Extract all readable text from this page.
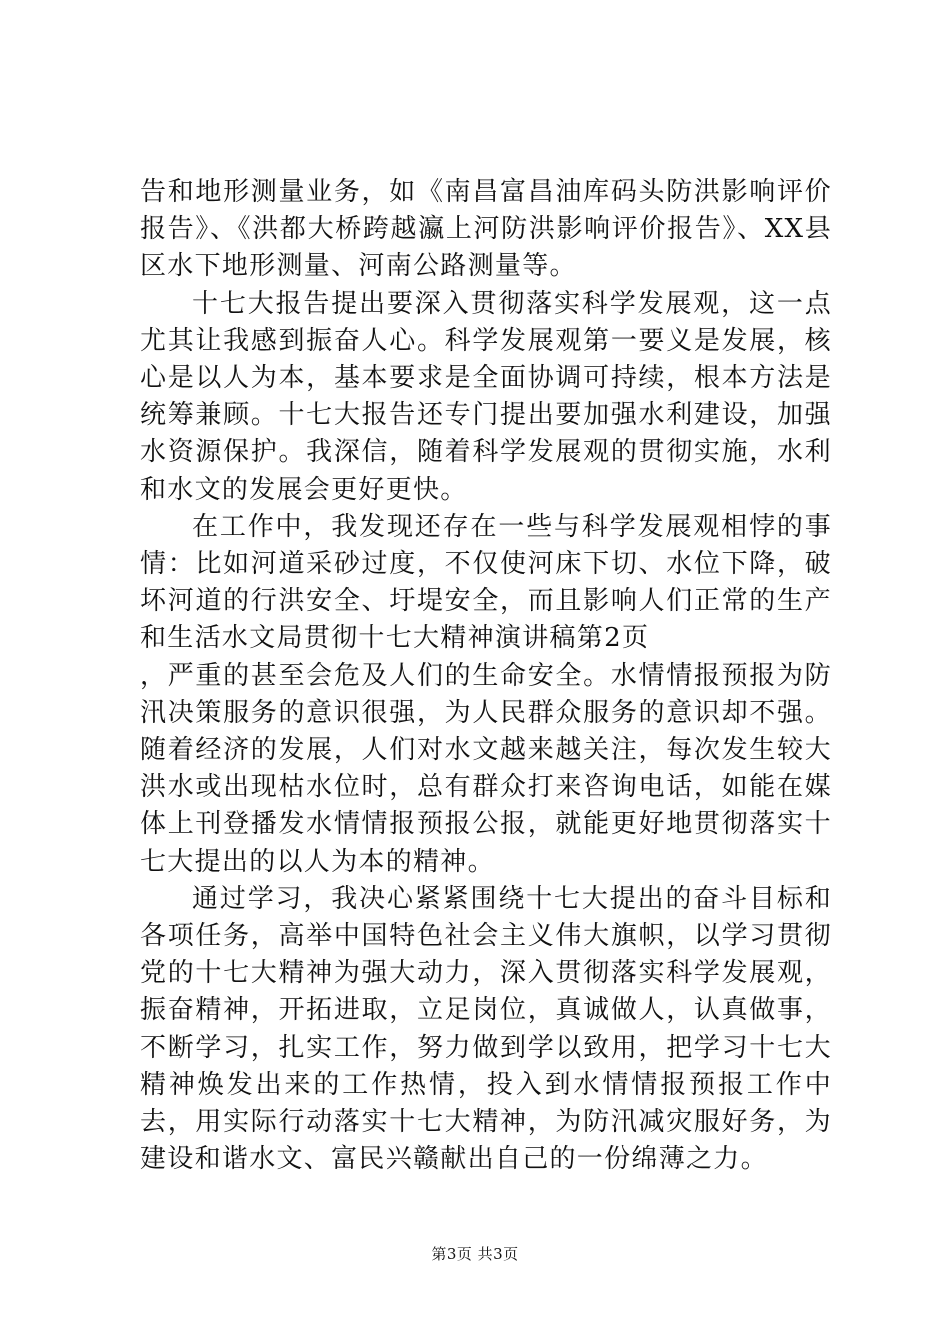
告和地形测量业务，如《南昌富昌油库码头防洪影响评价报告》、《洪都大桥跨越瀛上河防洪影响评价报告》、XX县区水下地形测量、河南公路测量等。

十七大报告提出要深入贯彻落实科学发展观，这一点尤其让我感到振奋人心。科学发展观第一要义是发展，核心是以人为本，基本要求是全面协调可持续，根本方法是统筹兼顾。十七大报告还专门提出要加强水利建设，加强水资源保护。我深信，随着科学发展观的贯彻实施，水利和水文的发展会更好更快。

在工作中，我发现还存在一些与科学发展观相悖的事情：比如河道采砂过度，不仅使河床下切、水位下降，破坏河道的行洪安全、圩堤安全，而且影响人们正常的生产和生活水文局贯彻十七大精神演讲稿第2页

，严重的甚至会危及人们的生命安全。水情情报预报为防汛决策服务的意识很强，为人民群众服务的意识却不强。随着经济的发展，人们对水文越来越关注，每次发生较大洪水或出现枯水位时，总有群众打来咨询电话，如能在媒体上刊登播发水情情报预报公报，就能更好地贯彻落实十七大提出的以人为本的精神。

通过学习，我决心紧紧围绕十七大提出的奋斗目标和各项任务，高举中国特色社会主义伟大旗帜，以学习贯彻党的十七大精神为强大动力，深入贯彻落实科学发展观，振奋精神，开拓进取，立足岗位，真诚做人，认真做事，不断学习，扎实工作，努力做到学以致用，把学习十七大精神焕发出来的工作热情，投入到水情情报预报工作中去，用实际行动落实十七大精神，为防汛减灾服好务，为建设和谐水文、富民兴赣献出自己的一份绵薄之力。

第3页 共3页
